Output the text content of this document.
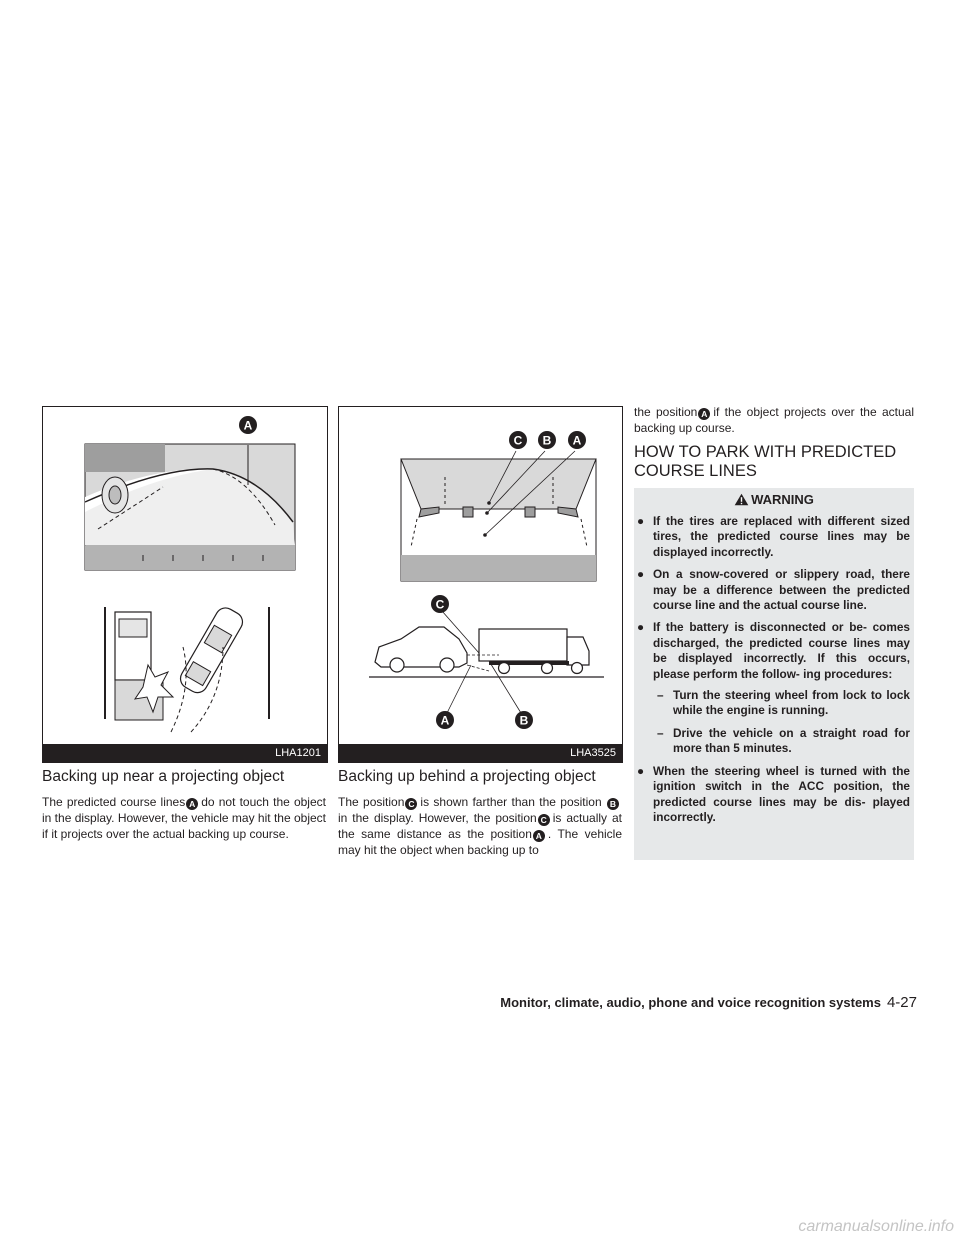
A
LHA1201
C B A
C
A	B
LHA3525
Backing up near a projecting object

The predicted course lines A do not touch the object in the display. However, the vehicle may hit the object if it projects over the actual backing up course.

Backing up behind a projecting object

The position C is shown farther than the position Bin the display. However, the position C is actually at the same distance as the position A . The vehicle may hit the object when backing up to

the position A if the object projects over the actual backing up course.

HOW TO PARK WITH PREDICTED
COURSE LINES
WARNING
● If the tires are replaced with different sized tires, the predicted course lines may be displayed incorrectly.
● On a snow-covered or slippery road, there may be a difference between the predicted course line and the actual course line.
● If the battery is disconnected or be- comes discharged, the predicted course lines may be displayed incorrectly. If this occurs, please perform the follow- ing procedures:
– Turn the steering wheel from lock to lock while the engine is running.
– Drive the vehicle on a straight road for more than 5 minutes.
● When the steering wheel is turned with the ignition switch in the ACC position, the predicted course lines may be dis- played incorrectly.
Monitor, climate, audio, phone and voice recognition systems 4-27
carmanualsonline.info
